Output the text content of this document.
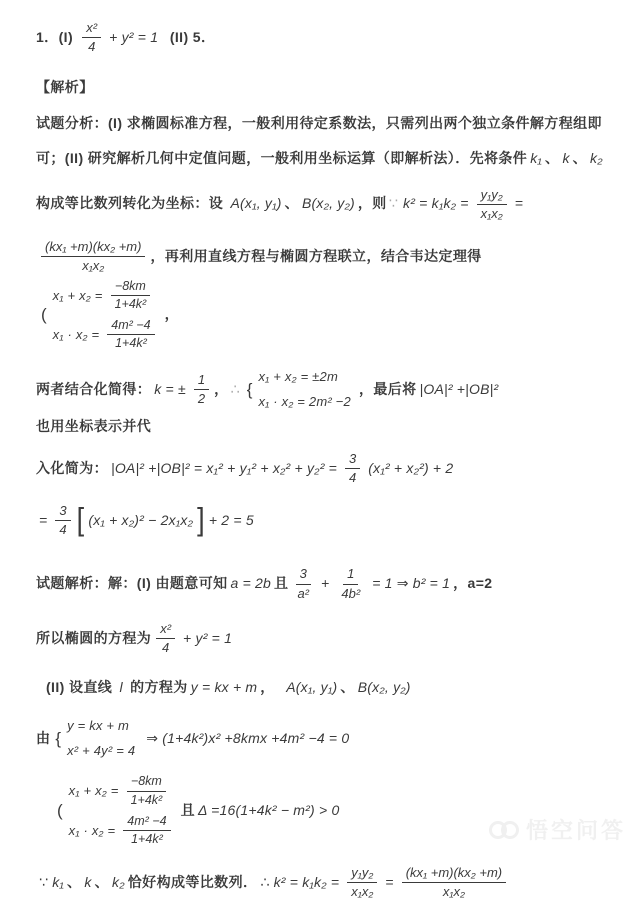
1．$(I) \frac{\text{x²}}{4} + y^2 = 1$ (II) 5．
【解析】
试题分析：(I) 求椭圆标准方程，一般利用待定系数法，只需列出两个独立条件解方程组即
可；(II) 研究解析几何中定值问题，一般利用坐标运算（即解析法）．先将条件 k₁ 、 k 、 k₂
构成等比数列转化为坐标：设 A(x₁, y₁) 、 B(x₂, y₂) ，则 ∵ $k^2 = k_1k_2 = \frac{\text{y₁y₂}}{\text{x₁x₂}}$ =
$\frac{\text{(kx₁ +m)(kx₂ +m)}}{\text{x₁x₂}}$ ，再利用直线方程与椭圆方程联立，结合韦达定理得
(
$x_1 + x_2 = \frac{-8km}{\text{1+4k²}}$
$x_1 \cdot x_2 = \frac{\text{4m² −4}}{\text{1+4k²}}$
，
两者结合化简得： k = ± $\frac{1}{2}$ ， ∴ {
x₁ + x₂ = ±2m
x₁ · x₂ = 2m² −2
，最后将 |OA|² +|OB|²
也用坐标表示并代
入化简为： $|OA|^2 +|OB|^2 = x_1^2 + y_1^2 + x_2^2 + y_2^2 = \frac{3}{4} (x_1^2 + x_2^2) + 2$
= $\frac{3}{4}$ [ (x₁ + x₂)² − 2x₁x₂ ] + 2 = 5
试题解析：解：(I) 由题意可知 a = 2b 且 $\frac{3}{\text{a²}} + \frac{1}{\text{4b²}} = 1$ ⇒ b² = 1 ，a=2
所以椭圆的方程为 $\frac{\text{x²}}{4} + y^2 = 1$
(II) 设直线 l 的方程为 y = kx + m ， A(x₁, y₁) 、 B(x₂, y₂)
由 {
y = kx + m
x² + 4y² = 4
⇒ (1+4k²)x² +8kmx +4m² −4 = 0
(
$x_1 + x_2 = \frac{-8km}{\text{1+4k²}}$
$x_1 \cdot x_2 = \frac{\text{4m² −4}}{\text{1+4k²}}$
且 Δ =16(1+4k² − m²) > 0
∵ k₁ 、 k 、 k₂ 恰好构成等比数列． ∴ $k^2 = k_1k_2 = \frac{\text{y₁y₂}}{\text{x₁x₂}} = \frac{\text{(kx₁ +m)(kx₂ +m)}}{\text{x₁x₂}}$
悟空问答
